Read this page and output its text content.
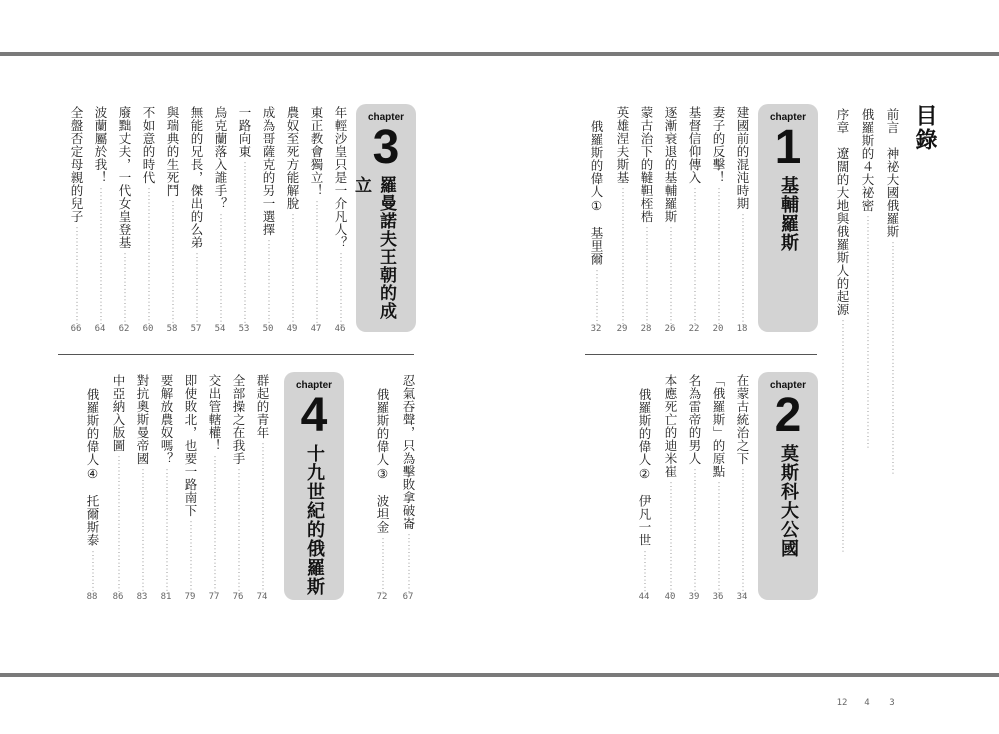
目錄
前言　神祕大國俄羅斯 ·····
3
俄羅斯的４大祕密 ·····
4
序章　遼闊的大地與俄羅斯人的起源 ·····
12
chapter
1
基輔羅斯
chapter
2
莫斯科大公國
chapter
3
羅曼諾夫王朝的成立
chapter
4
十九世紀的俄羅斯
建國前的混沌時期 ·····
18
妻子的反擊！ ·····
20
基督信仰傳入 ·····
22
逐漸衰退的基輔羅斯 ·····
26
蒙古治下的韃靼桎梏 ·····
28
英雄涅夫斯基 ·····
29
俄羅斯的偉人①　基里爾 ·····
32
在蒙古統治之下 ·····
34
「俄羅斯」的原點 ·····
36
名為雷帝的男人 ·····
39
本應死亡的迪米崔 ·····
40
俄羅斯的偉人②　伊凡一世 ·····
44
年輕沙皇只是一介凡人？ ·····
46
東正教會獨立！ ·····
47
農奴至死方能解脫 ·····
49
成為哥薩克的另一選擇 ·····
50
一路向東 ·····
53
烏克蘭落入誰手？ ·····
54
無能的兄長，傑出的么弟 ·····
57
與瑞典的生死鬥 ·····
58
不如意的時代 ·····
60
廢黜丈夫，一代女皇登基 ·····
62
波蘭屬於我！ ·····
64
全盤否定母親的兒子 ·····
66
忍氣吞聲，只為擊敗拿破崙 ·····
67
俄羅斯的偉人③　波坦金 ·····
72
群起的青年 ·····
74
全部操之在我手 ·····
76
交出管轄權！ ·····
77
即使敗北，也要一路南下 ·····
79
要解放農奴嗎？ ·····
81
對抗奧斯曼帝國 ·····
83
中亞納入版圖 ·····
86
俄羅斯的偉人④　托爾斯泰 ·····
88
